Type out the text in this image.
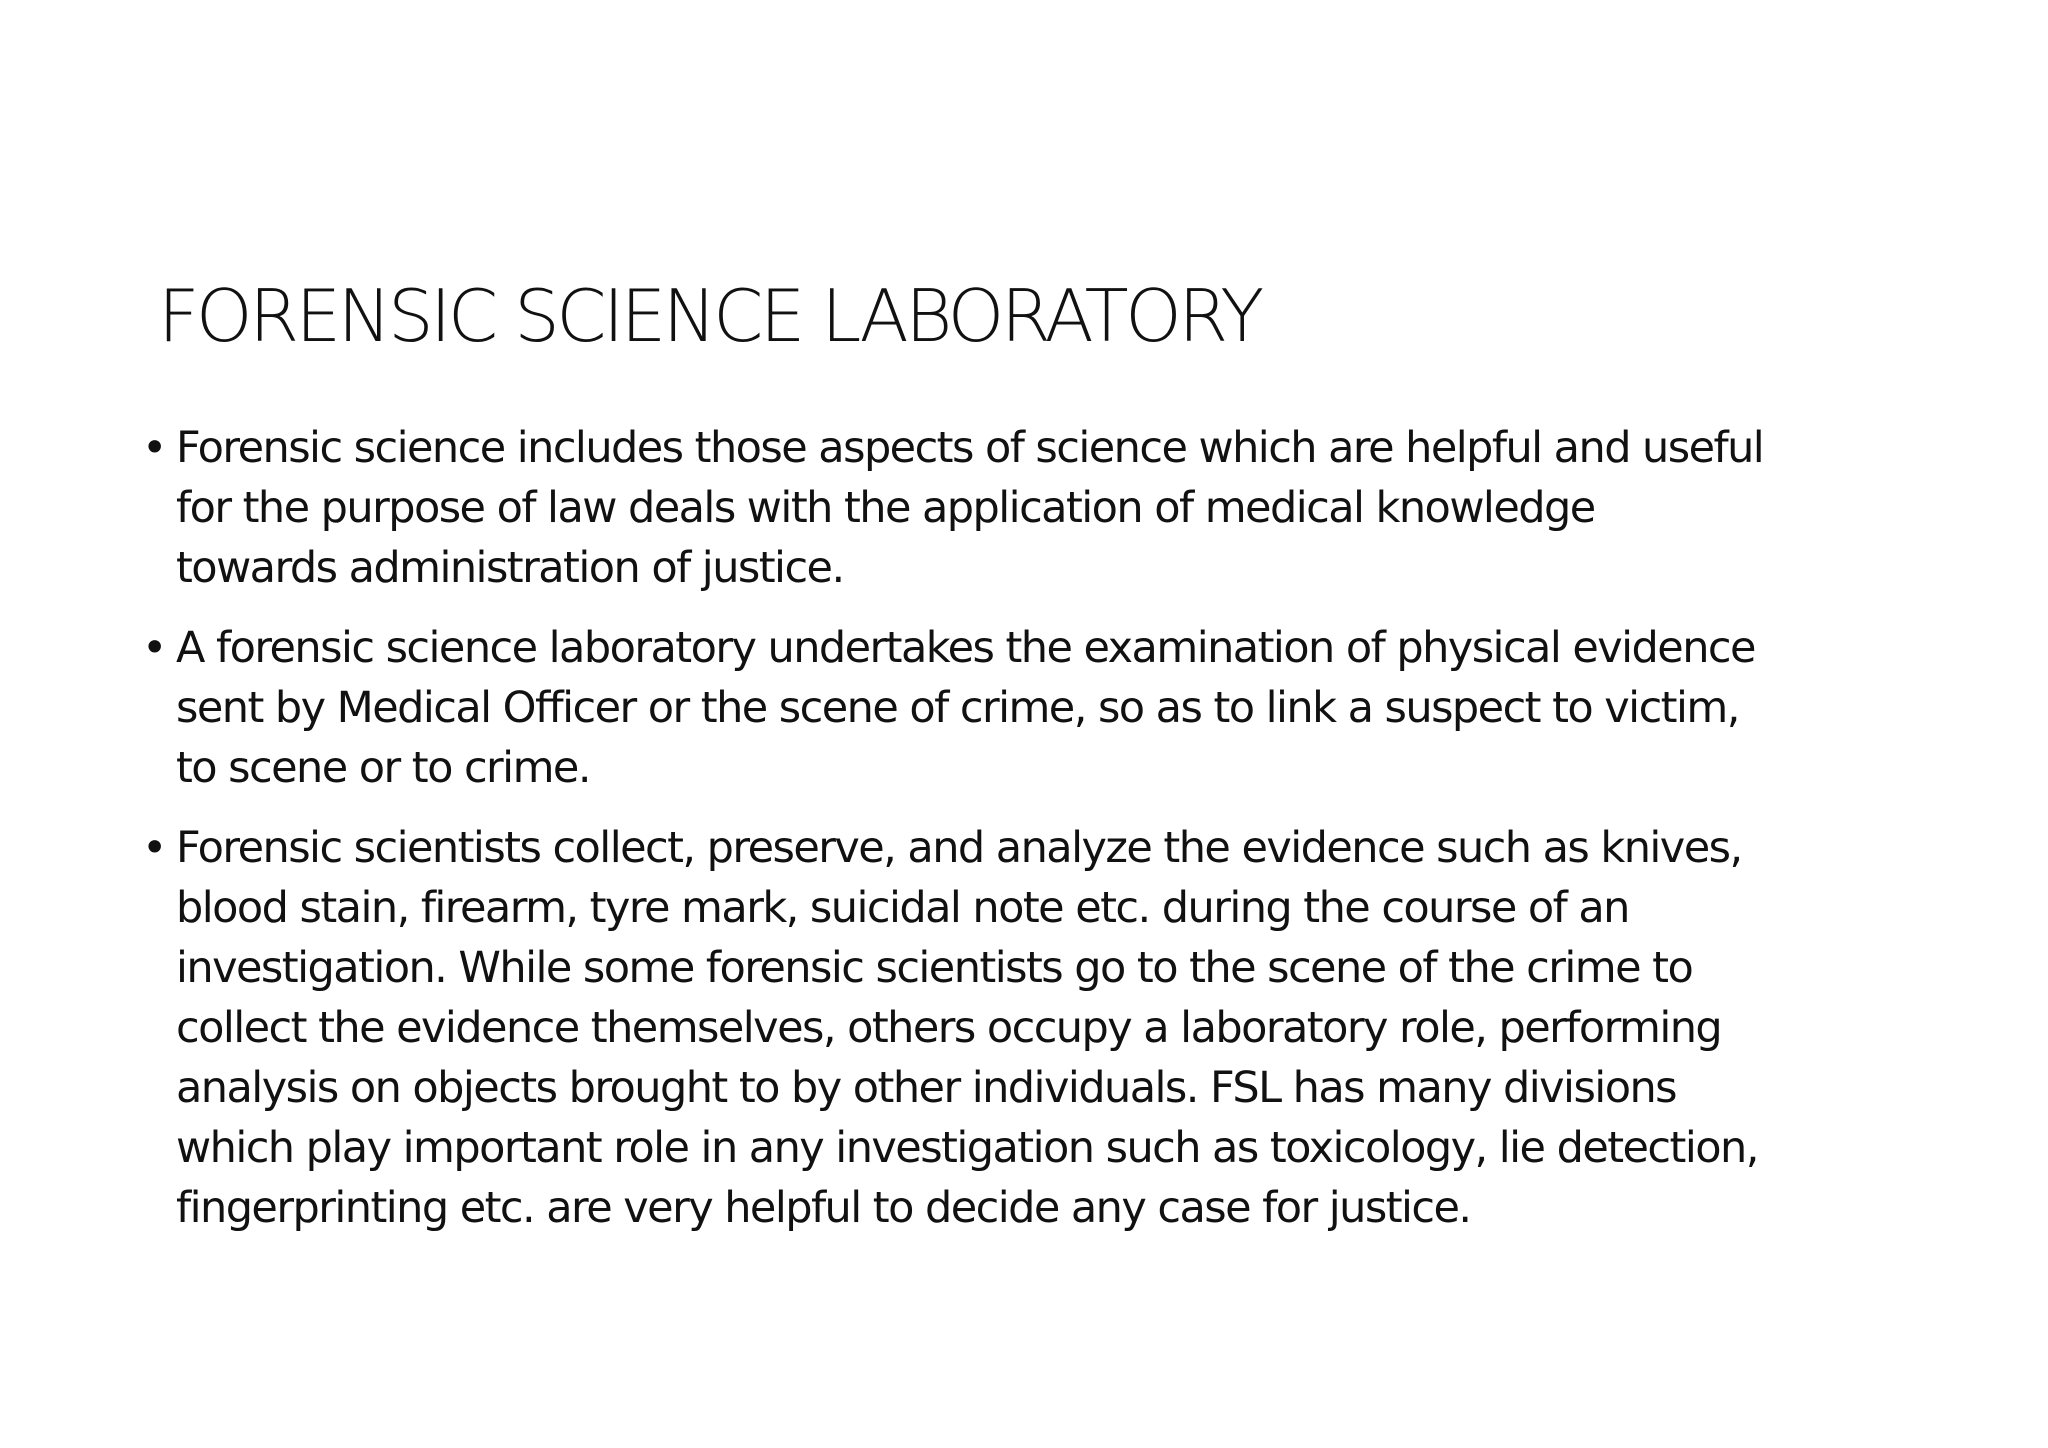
FORENSIC SCIENCE LABORATORY
• Forensic science includes those aspects of science which are helpful and useful
for the purpose of law deals with the application of medical knowledge
towards administration of justice.
• A forensic science laboratory undertakes the examination of physical evidence
sent by Medical Officer or the scene of crime, so as to link a suspect to victim,
to scene or to crime.
• Forensic scientists collect, preserve, and analyze the evidence such as knives,
blood stain, firearm, tyre mark, suicidal note etc. during the course of an
investigation. While some forensic scientists go to the scene of the crime to
collect the evidence themselves, others occupy a laboratory role, performing
analysis on objects brought to by other individuals. FSL has many divisions
which play important role in any investigation such as toxicology, lie detection,
fingerprinting etc. are very helpful to decide any case for justice.
